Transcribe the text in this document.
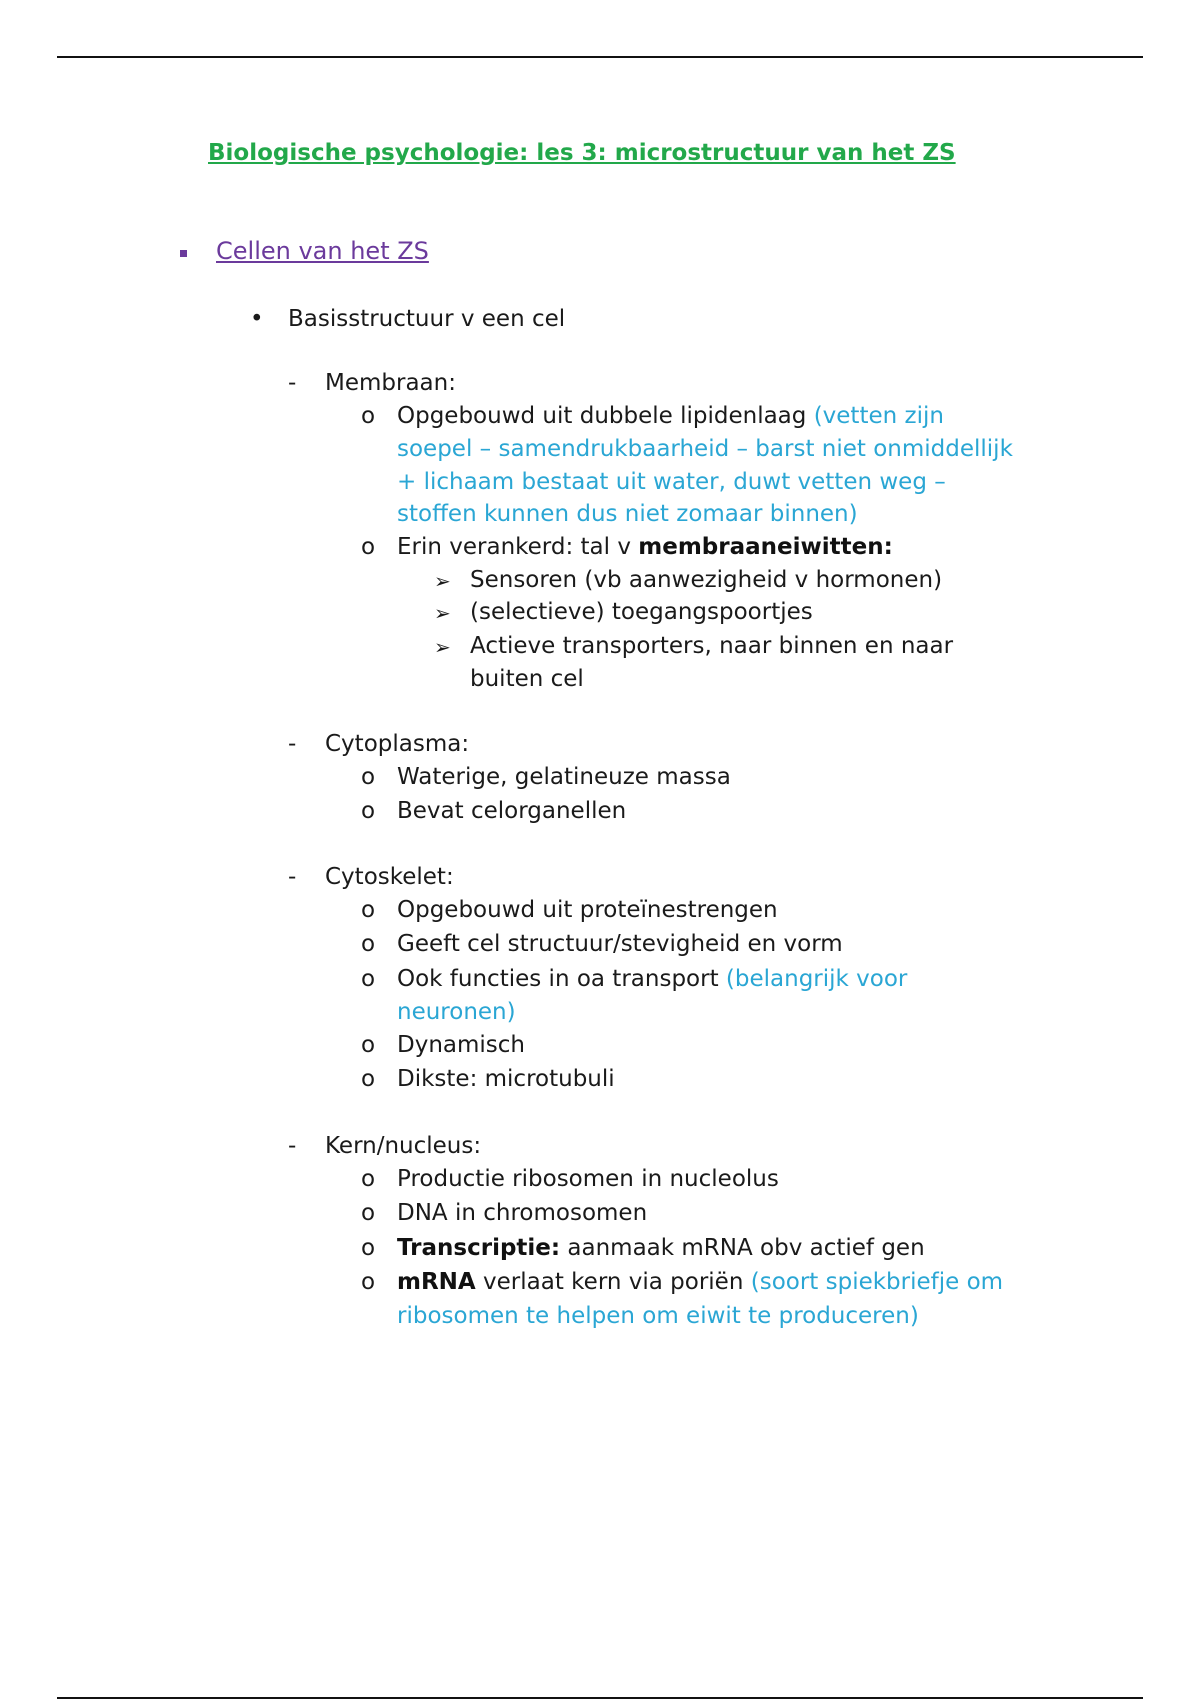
Biologische psychologie: les 3: microstructuur van het ZS
Cellen van het ZS
• Basisstructuur v een cel
- Membraan:
o Opgebouwd uit dubbele lipidenlaag (vetten zijn
soepel – samendrukbaarheid – barst niet onmiddellijk
+ lichaam bestaat uit water, duwt vetten weg –
stoffen kunnen dus niet zomaar binnen)
o Erin verankerd: tal v membraaneiwitten:
➢ Sensoren (vb aanwezigheid v hormonen)
➢ (selectieve) toegangspoortjes
➢ Actieve transporters, naar binnen en naar
buiten cel
- Cytoplasma:
o Waterige, gelatineuze massa
o Bevat celorganellen
- Cytoskelet:
o Opgebouwd uit proteïnestrengen
o Geeft cel structuur/stevigheid en vorm
o Ook functies in oa transport (belangrijk voor
neuronen)
o Dynamisch
o Dikste: microtubuli
- Kern/nucleus:
o Productie ribosomen in nucleolus
o DNA in chromosomen
o Transcriptie: aanmaak mRNA obv actief gen
o mRNA verlaat kern via poriën (soort spiekbriefje om
ribosomen te helpen om eiwit te produceren)
